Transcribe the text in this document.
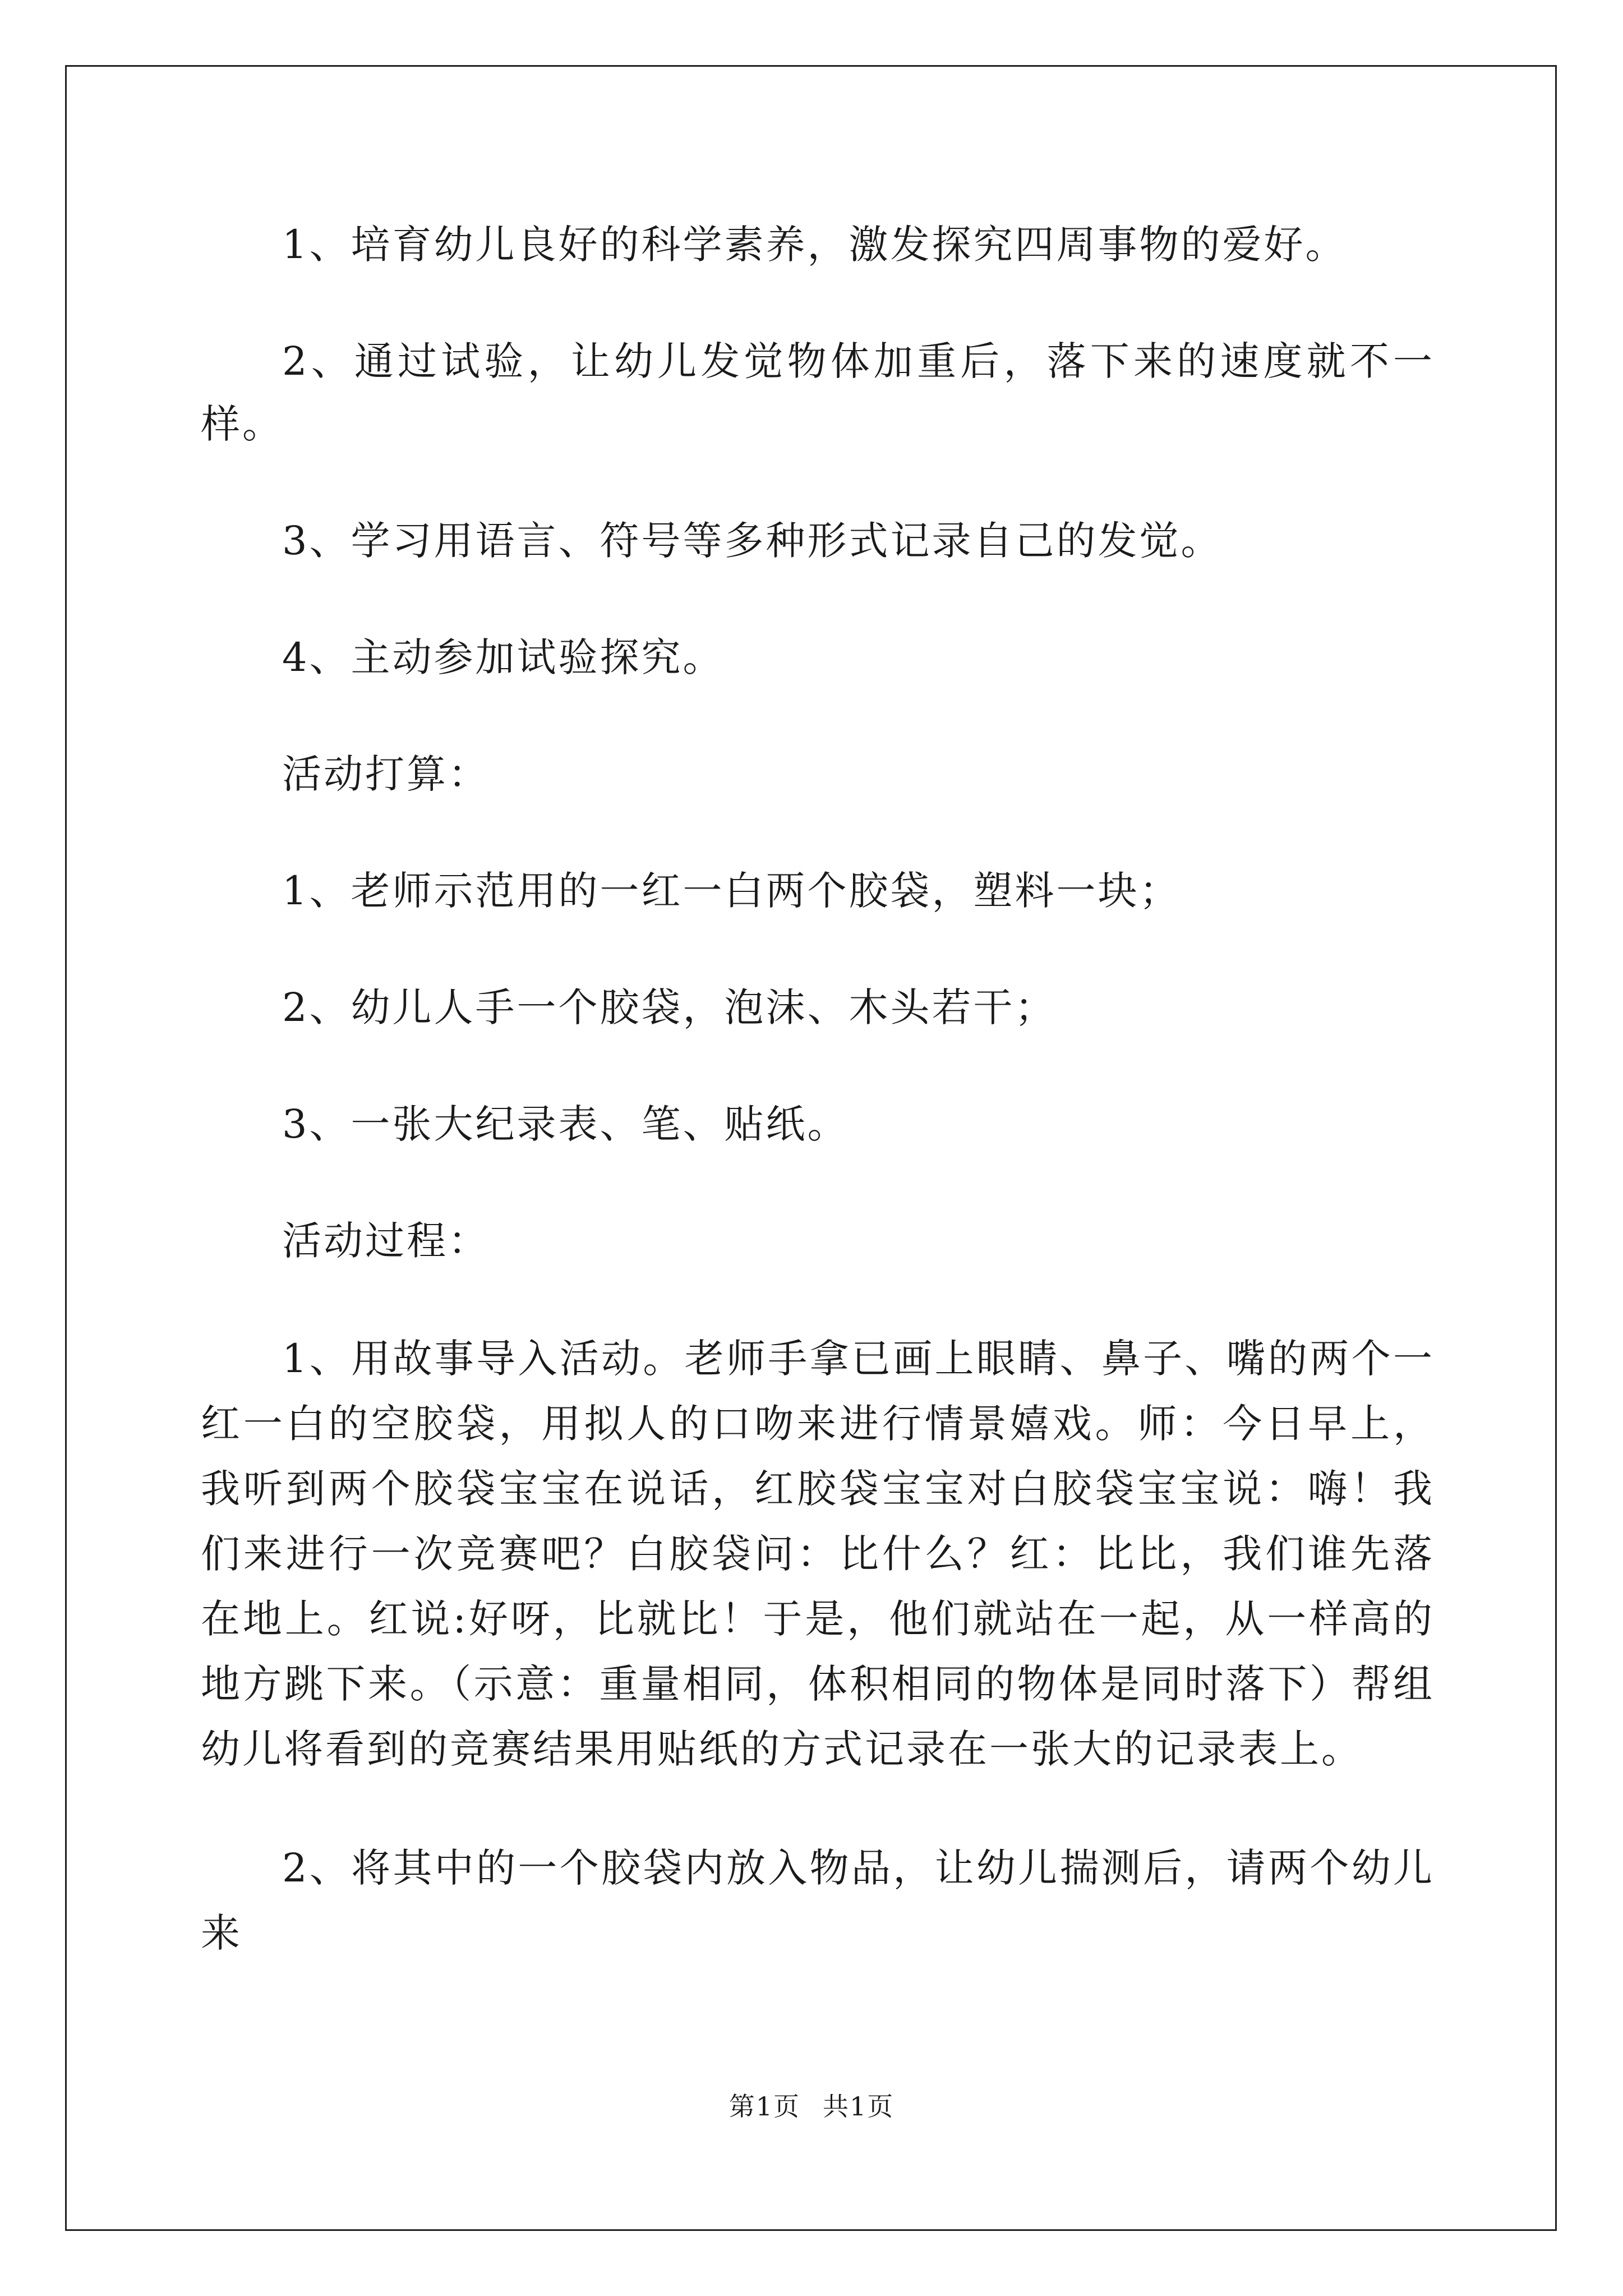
1、培育幼儿良好的科学素养，激发探究四周事物的爱好。

2、通过试验，让幼儿发觉物体加重后，落下来的速度就不一样。

3、学习用语言、符号等多种形式记录自己的发觉。

4、主动参加试验探究。

活动打算：

1、老师示范用的一红一白两个胶袋，塑料一块；

2、幼儿人手一个胶袋，泡沫、木头若干；

3、一张大纪录表、笔、贴纸。

活动过程：

1、用故事导入活动。老师手拿已画上眼睛、鼻子、嘴的两个一红一白的空胶袋，用拟人的口吻来进行情景嬉戏。师：今日早上，我听到两个胶袋宝宝在说话，红胶袋宝宝对白胶袋宝宝说：嗨！我们来进行一次竞赛吧？白胶袋问：比什么？红：比比，我们谁先落在地上。红说:好呀，比就比！于是，他们就站在一起，从一样高的地方跳下来。（示意：重量相同，体积相同的物体是同时落下）帮组幼儿将看到的竞赛结果用贴纸的方式记录在一张大的记录表上。

2、将其中的一个胶袋内放入物品，让幼儿揣测后，请两个幼儿来

第1页 共1页
